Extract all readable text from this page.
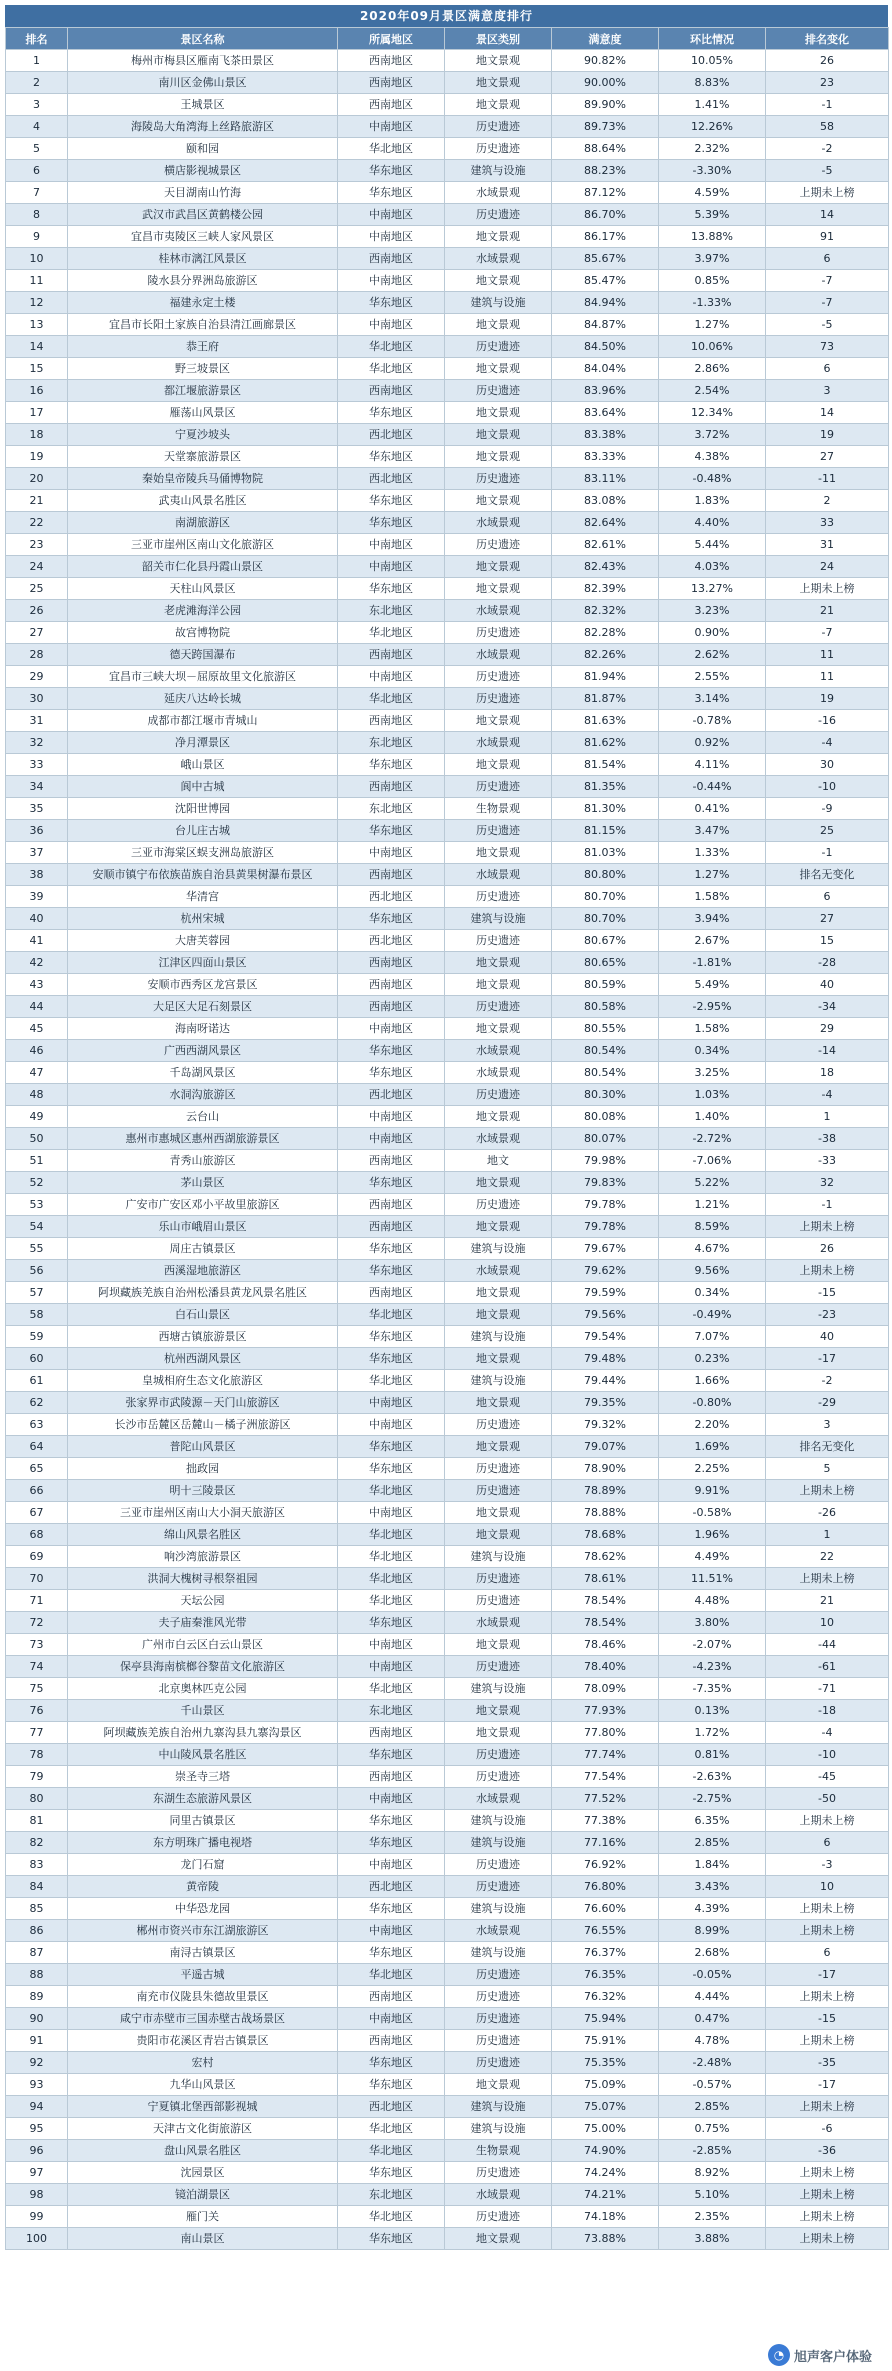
2020年09月景区满意度排行
排名	景区名称	所属地区	景区类别	满意度	环比情况	排名变化
1	梅州市梅县区雁南飞茶田景区	西南地区	地文景观	90.82%	10.05%	26
2	南川区金佛山景区	西南地区	地文景观	90.00%	8.83%	23
3	王城景区	西南地区	地文景观	89.90%	1.41%	-1
4	海陵岛大角湾海上丝路旅游区	中南地区	历史遗迹	89.73%	12.26%	58
5	颐和园	华北地区	历史遗迹	88.64%	2.32%	-2
6	横店影视城景区	华东地区	建筑与设施	88.23%	-3.30%	-5
7	天目湖南山竹海	华东地区	水域景观	87.12%	4.59%	上期未上榜
8	武汉市武昌区黄鹤楼公园	中南地区	历史遗迹	86.70%	5.39%	14
9	宜昌市夷陵区三峡人家风景区	中南地区	地文景观	86.17%	13.88%	91
10	桂林市漓江风景区	西南地区	水域景观	85.67%	3.97%	6
11	陵水县分界洲岛旅游区	中南地区	地文景观	85.47%	0.85%	-7
12	福建永定土楼	华东地区	建筑与设施	84.94%	-1.33%	-7
13	宜昌市长阳土家族自治县清江画廊景区	中南地区	地文景观	84.87%	1.27%	-5
14	恭王府	华北地区	历史遗迹	84.50%	10.06%	73
15	野三坡景区	华北地区	地文景观	84.04%	2.86%	6
16	都江堰旅游景区	西南地区	历史遗迹	83.96%	2.54%	3
17	雁荡山风景区	华东地区	地文景观	83.64%	12.34%	14
18	宁夏沙坡头	西北地区	地文景观	83.38%	3.72%	19
19	天堂寨旅游景区	华东地区	地文景观	83.33%	4.38%	27
20	秦始皇帝陵兵马俑博物院	西北地区	历史遗迹	83.11%	-0.48%	-11
21	武夷山风景名胜区	华东地区	地文景观	83.08%	1.83%	2
22	南湖旅游区	华东地区	水域景观	82.64%	4.40%	33
23	三亚市崖州区南山文化旅游区	中南地区	历史遗迹	82.61%	5.44%	31
24	韶关市仁化县丹霞山景区	中南地区	地文景观	82.43%	4.03%	24
25	天柱山风景区	华东地区	地文景观	82.39%	13.27%	上期未上榜
26	老虎滩海洋公园	东北地区	水域景观	82.32%	3.23%	21
27	故宫博物院	华北地区	历史遗迹	82.28%	0.90%	-7
28	德天跨国瀑布	西南地区	水域景观	82.26%	2.62%	11
29	宜昌市三峡大坝－屈原故里文化旅游区	中南地区	历史遗迹	81.94%	2.55%	11
30	延庆八达岭长城	华北地区	历史遗迹	81.87%	3.14%	19
31	成都市都江堰市青城山	西南地区	地文景观	81.63%	-0.78%	-16
32	净月潭景区	东北地区	水域景观	81.62%	0.92%	-4
33	峨山景区	华东地区	地文景观	81.54%	4.11%	30
34	阆中古城	西南地区	历史遗迹	81.35%	-0.44%	-10
35	沈阳世博园	东北地区	生物景观	81.30%	0.41%	-9
36	台儿庄古城	华东地区	历史遗迹	81.15%	3.47%	25
37	三亚市海棠区蜈支洲岛旅游区	中南地区	地文景观	81.03%	1.33%	-1
38	安顺市镇宁布依族苗族自治县黄果树瀑布景区	西南地区	水域景观	80.80%	1.27%	排名无变化
39	华清宫	西北地区	历史遗迹	80.70%	1.58%	6
40	杭州宋城	华东地区	建筑与设施	80.70%	3.94%	27
41	大唐芙蓉园	西北地区	历史遗迹	80.67%	2.67%	15
42	江津区四面山景区	西南地区	地文景观	80.65%	-1.81%	-28
43	安顺市西秀区龙宫景区	西南地区	地文景观	80.59%	5.49%	40
44	大足区大足石刻景区	西南地区	历史遗迹	80.58%	-2.95%	-34
45	海南呀诺达	中南地区	地文景观	80.55%	1.58%	29
46	广西西湖风景区	华东地区	水域景观	80.54%	0.34%	-14
47	千岛湖风景区	华东地区	水域景观	80.54%	3.25%	18
48	水洞沟旅游区	西北地区	历史遗迹	80.30%	1.03%	-4
49	云台山	中南地区	地文景观	80.08%	1.40%	1
50	惠州市惠城区惠州西湖旅游景区	中南地区	水域景观	80.07%	-2.72%	-38
51	青秀山旅游区	西南地区	地文	79.98%	-7.06%	-33
52	茅山景区	华东地区	地文景观	79.83%	5.22%	32
53	广安市广安区邓小平故里旅游区	西南地区	历史遗迹	79.78%	1.21%	-1
54	乐山市峨眉山景区	西南地区	地文景观	79.78%	8.59%	上期未上榜
55	周庄古镇景区	华东地区	建筑与设施	79.67%	4.67%	26
56	西溪湿地旅游区	华东地区	水域景观	79.62%	9.56%	上期未上榜
57	阿坝藏族羌族自治州松潘县黄龙风景名胜区	西南地区	地文景观	79.59%	0.34%	-15
58	白石山景区	华北地区	地文景观	79.56%	-0.49%	-23
59	西塘古镇旅游景区	华东地区	建筑与设施	79.54%	7.07%	40
60	杭州西湖风景区	华东地区	地文景观	79.48%	0.23%	-17
61	皇城相府生态文化旅游区	华北地区	建筑与设施	79.44%	1.66%	-2
62	张家界市武陵源－天门山旅游区	中南地区	地文景观	79.35%	-0.80%	-29
63	长沙市岳麓区岳麓山－橘子洲旅游区	中南地区	历史遗迹	79.32%	2.20%	3
64	普陀山风景区	华东地区	地文景观	79.07%	1.69%	排名无变化
65	拙政园	华东地区	历史遗迹	78.90%	2.25%	5
66	明十三陵景区	华北地区	历史遗迹	78.89%	9.91%	上期未上榜
67	三亚市崖州区南山大小洞天旅游区	中南地区	地文景观	78.88%	-0.58%	-26
68	绵山风景名胜区	华北地区	地文景观	78.68%	1.96%	1
69	响沙湾旅游景区	华北地区	建筑与设施	78.62%	4.49%	22
70	洪洞大槐树寻根祭祖园	华北地区	历史遗迹	78.61%	11.51%	上期未上榜
71	天坛公园	华北地区	历史遗迹	78.54%	4.48%	21
72	夫子庙秦淮风光带	华东地区	水域景观	78.54%	3.80%	10
73	广州市白云区白云山景区	中南地区	地文景观	78.46%	-2.07%	-44
74	保亭县海南槟榔谷黎苗文化旅游区	中南地区	历史遗迹	78.40%	-4.23%	-61
75	北京奥林匹克公园	华北地区	建筑与设施	78.09%	-7.35%	-71
76	千山景区	东北地区	地文景观	77.93%	0.13%	-18
77	阿坝藏族羌族自治州九寨沟县九寨沟景区	西南地区	地文景观	77.80%	1.72%	-4
78	中山陵风景名胜区	华东地区	历史遗迹	77.74%	0.81%	-10
79	崇圣寺三塔	西南地区	历史遗迹	77.54%	-2.63%	-45
80	东湖生态旅游风景区	中南地区	水域景观	77.52%	-2.75%	-50
81	同里古镇景区	华东地区	建筑与设施	77.38%	6.35%	上期未上榜
82	东方明珠广播电视塔	华东地区	建筑与设施	77.16%	2.85%	6
83	龙门石窟	中南地区	历史遗迹	76.92%	1.84%	-3
84	黄帝陵	西北地区	历史遗迹	76.80%	3.43%	10
85	中华恐龙园	华东地区	建筑与设施	76.60%	4.39%	上期未上榜
86	郴州市资兴市东江湖旅游区	中南地区	水域景观	76.55%	8.99%	上期未上榜
87	南浔古镇景区	华东地区	建筑与设施	76.37%	2.68%	6
88	平遥古城	华北地区	历史遗迹	76.35%	-0.05%	-17
89	南充市仪陇县朱德故里景区	西南地区	历史遗迹	76.32%	4.44%	上期未上榜
90	咸宁市赤壁市三国赤壁古战场景区	中南地区	历史遗迹	75.94%	0.47%	-15
91	贵阳市花溪区青岩古镇景区	西南地区	历史遗迹	75.91%	4.78%	上期未上榜
92	宏村	华东地区	历史遗迹	75.35%	-2.48%	-35
93	九华山风景区	华东地区	地文景观	75.09%	-0.57%	-17
94	宁夏镇北堡西部影视城	西北地区	建筑与设施	75.07%	2.85%	上期未上榜
95	天津古文化街旅游区	华北地区	建筑与设施	75.00%	0.75%	-6
96	盘山风景名胜区	华北地区	生物景观	74.90%	-2.85%	-36
97	沈园景区	华东地区	历史遗迹	74.24%	8.92%	上期未上榜
98	镜泊湖景区	东北地区	水域景观	74.21%	5.10%	上期未上榜
99	雁门关	华北地区	历史遗迹	74.18%	2.35%	上期未上榜
100	南山景区	华东地区	地文景观	73.88%	3.88%	上期未上榜
◔ 旭声客户体验
